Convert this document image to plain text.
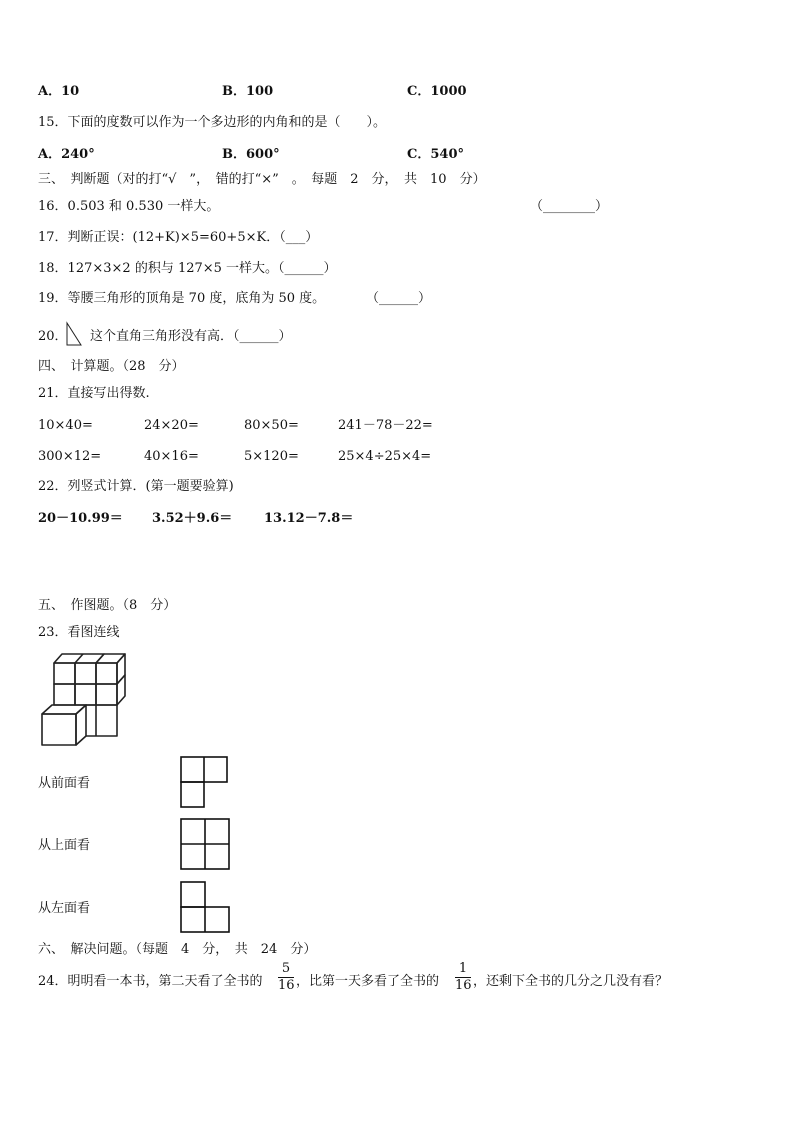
A．10	B．100	C．1000
15．下面的度数可以作为一个多边形的内角和的是（　　）。
A．240°	B．600°	C．540°
三、　判断题（对的打“√　”，　错的打“×”　。　每题　2　分，　共　10　分）
16．0.503 和 0.530 一样大。	（________）
17．判断正误：(12+K)×5=60+5×K．（___）
18．127×3×2 的积与 127×5 一样大。（______）
19．等腰三角形的顶角是 70 度，底角为 50 度。	（______）
20． 这个直角三角形没有高．（______）
四、　计算题。（28　分）
21．直接写出得数.
10×40=	24×20=	80×50=	241－78－22=
300×12=	40×16=	5×120=	25×4÷25×4=
22．列竖式计算．(第一题要验算)
20－10.99＝ 3.52＋9.6＝ 13.12－7.8＝
五、　作图题。（8　分）
23．看图连线
从前面看
从上面看
从左面看
六、　解决问题。（每题　4　分，　共　24　分）
24．明明看一本书，第二天看了全书的
5
16 ，比第一天多看了全书的
1
16 ，还剩下全书的几分之几没有看？
